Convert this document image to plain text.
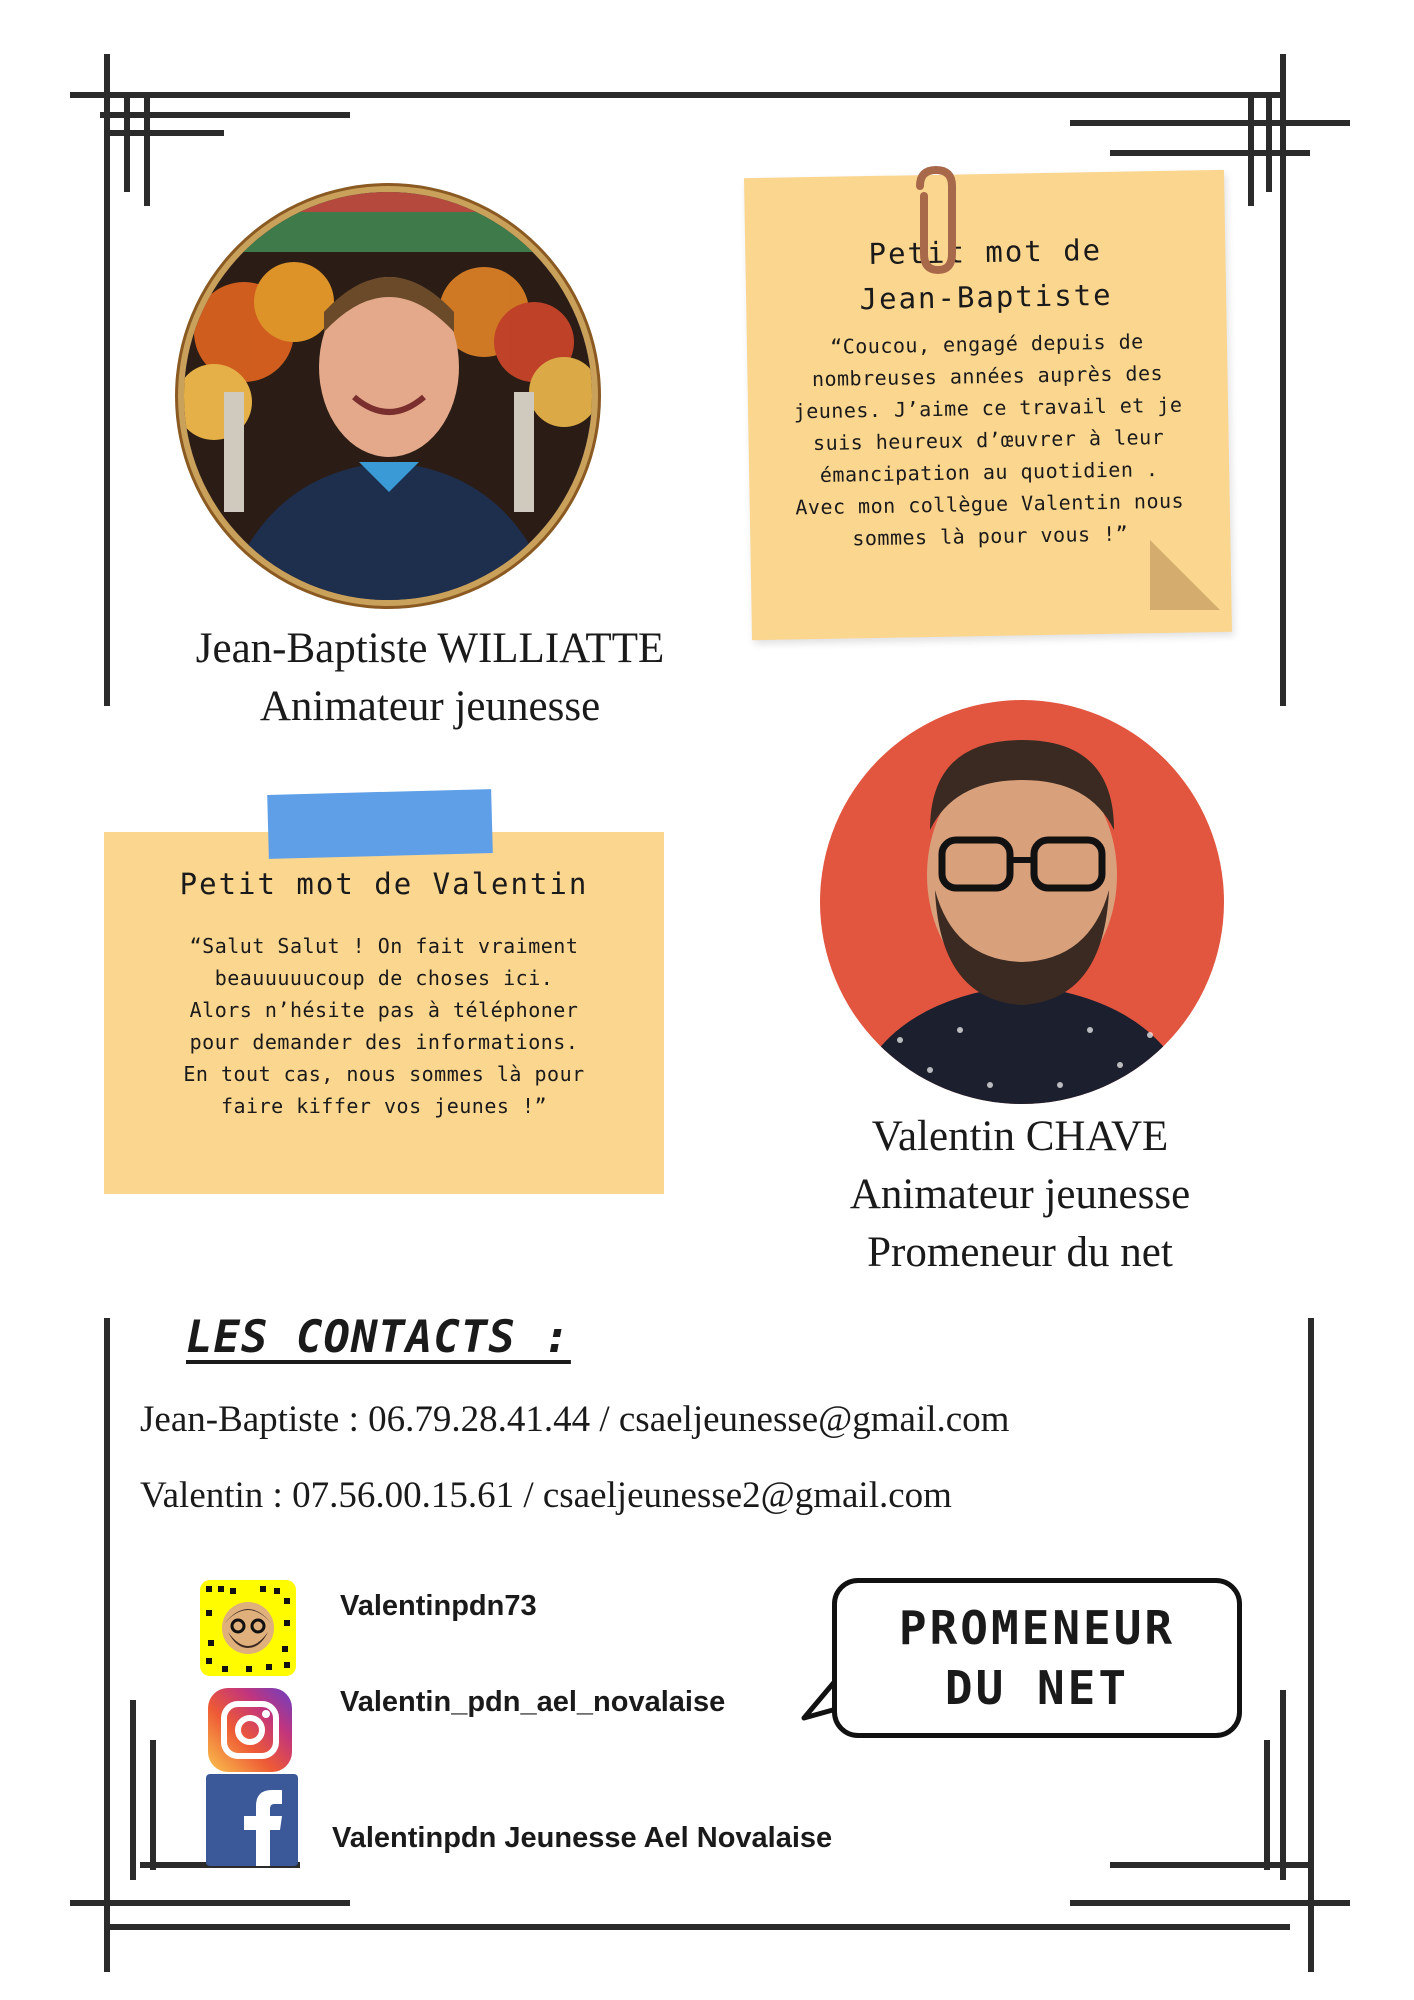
Petit mot de
Jean-Baptiste
“Coucou, engagé depuis de
nombreuses années auprès des
jeunes. J’aime ce travail et je
suis heureux d’œuvrer à leur
émancipation au quotidien .
Avec mon collègue Valentin nous
sommes là pour vous !”
Jean-Baptiste WILLIATTE
Animateur jeunesse
Petit mot de Valentin
“Salut Salut ! On fait vraiment
beauuuuucoup de choses ici.
Alors n’hésite pas à téléphoner
pour demander des informations.
En tout cas, nous sommes là pour
faire kiffer vos jeunes !”
Valentin CHAVE
Animateur jeunesse
Promeneur du net
LES CONTACTS :
Jean-Baptiste : 06.79.28.41.44 / csaeljeunesse@gmail.com
Valentin : 07.56.00.15.61 / csaeljeunesse2@gmail.com
Valentinpdn73
Valentin_pdn_ael_novalaise
Valentinpdn Jeunesse Ael Novalaise
PROMENEUR
DU NET
